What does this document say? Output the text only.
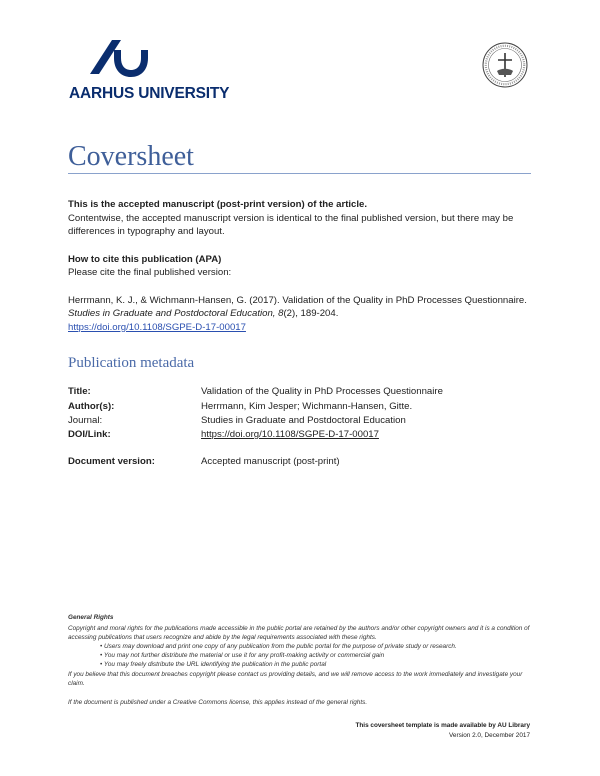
AARHUS UNIVERSITY
Coversheet
This is the accepted manuscript (post-print version) of the article.
Contentwise, the accepted manuscript version is identical to the final published version, but there may be differences in typography and layout.
How to cite this publication (APA)
Please cite the final published version:
Herrmann, K. J., & Wichmann-Hansen, G. (2017). Validation of the Quality in PhD Processes Questionnaire. Studies in Graduate and Postdoctoral Education, 8(2), 189-204.
https://doi.org/10.1108/SGPE-D-17-00017
Publication metadata
Title:	Validation of the Quality in PhD Processes Questionnaire
Author(s):	Herrmann, Kim Jesper; Wichmann-Hansen, Gitte.
Journal:	Studies in Graduate and Postdoctoral Education
DOI/Link:	https://doi.org/10.1108/SGPE-D-17-00017
Document version:	Accepted manuscript (post-print)
General Rights
Copyright and moral rights for the publications made accessible in the public portal are retained by the authors and/or other copyright owners and it is a condition of accessing publications that users recognize and abide by the legal requirements associated with these rights.
• Users may download and print one copy of any publication from the public portal for the purpose of private study or research.
• You may not further distribute the material or use it for any profit-making activity or commercial gain
• You may freely distribute the URL identifying the publication in the public portal
If you believe that this document breaches copyright please contact us providing details, and we will remove access to the work immediately and investigate your claim.
If the document is published under a Creative Commons license, this applies instead of the general rights.
This coversheet template is made available by AU Library
Version 2.0, December 2017
